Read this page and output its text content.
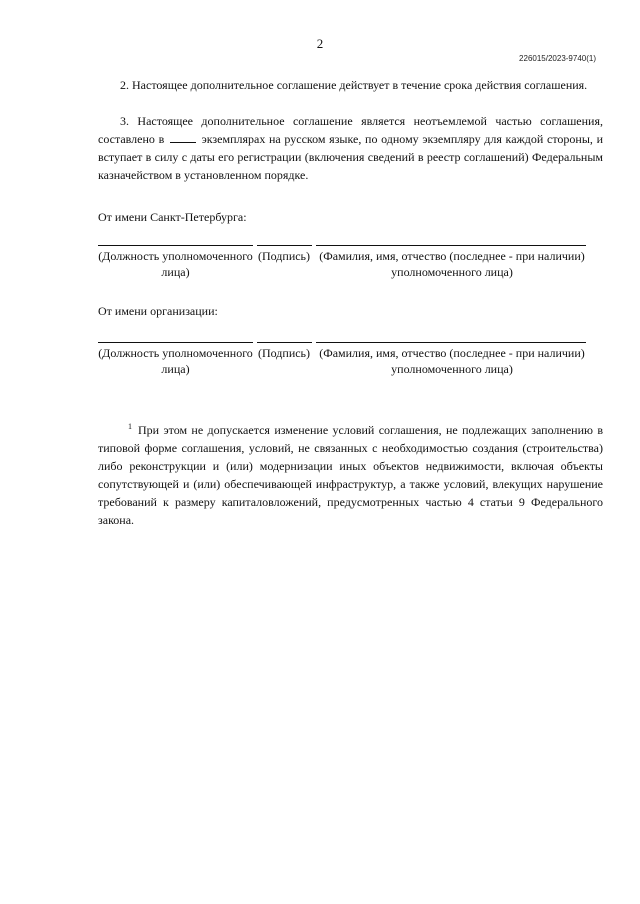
2
226015/2023-9740(1)
2. Настоящее дополнительное соглашение действует в течение срока действия соглашения.
3. Настоящее дополнительное соглашение является неотъемлемой частью соглашения, составлено в	экземплярах на русском языке, по одному экземпляру для каждой стороны, и вступает в силу с даты его регистрации (включения сведений в реестр соглашений) Федеральным казначейством в установленном порядке.
От имени Санкт-Петербурга:
(Должность уполномоченного лица)
(Подпись) (Фамилия, имя, отчество (последнее - при наличии) уполномоченного лица)
От имени организации:
(Должность уполномоченного лица)
(Подпись) (Фамилия, имя, отчество (последнее - при наличии) уполномоченного лица)
$^1$ При этом не допускается изменение условий соглашения, не подлежащих заполнению в типовой форме соглашения, условий, не связанных с необходимостью создания (строительства) либо реконструкции и (или) модернизации иных объектов недвижимости, включая объекты сопутствующей и (или) обеспечивающей инфраструктур, а также условий, влекущих нарушение требований к размеру капиталовложений, предусмотренных частью 4 статьи 9 Федерального закона.
